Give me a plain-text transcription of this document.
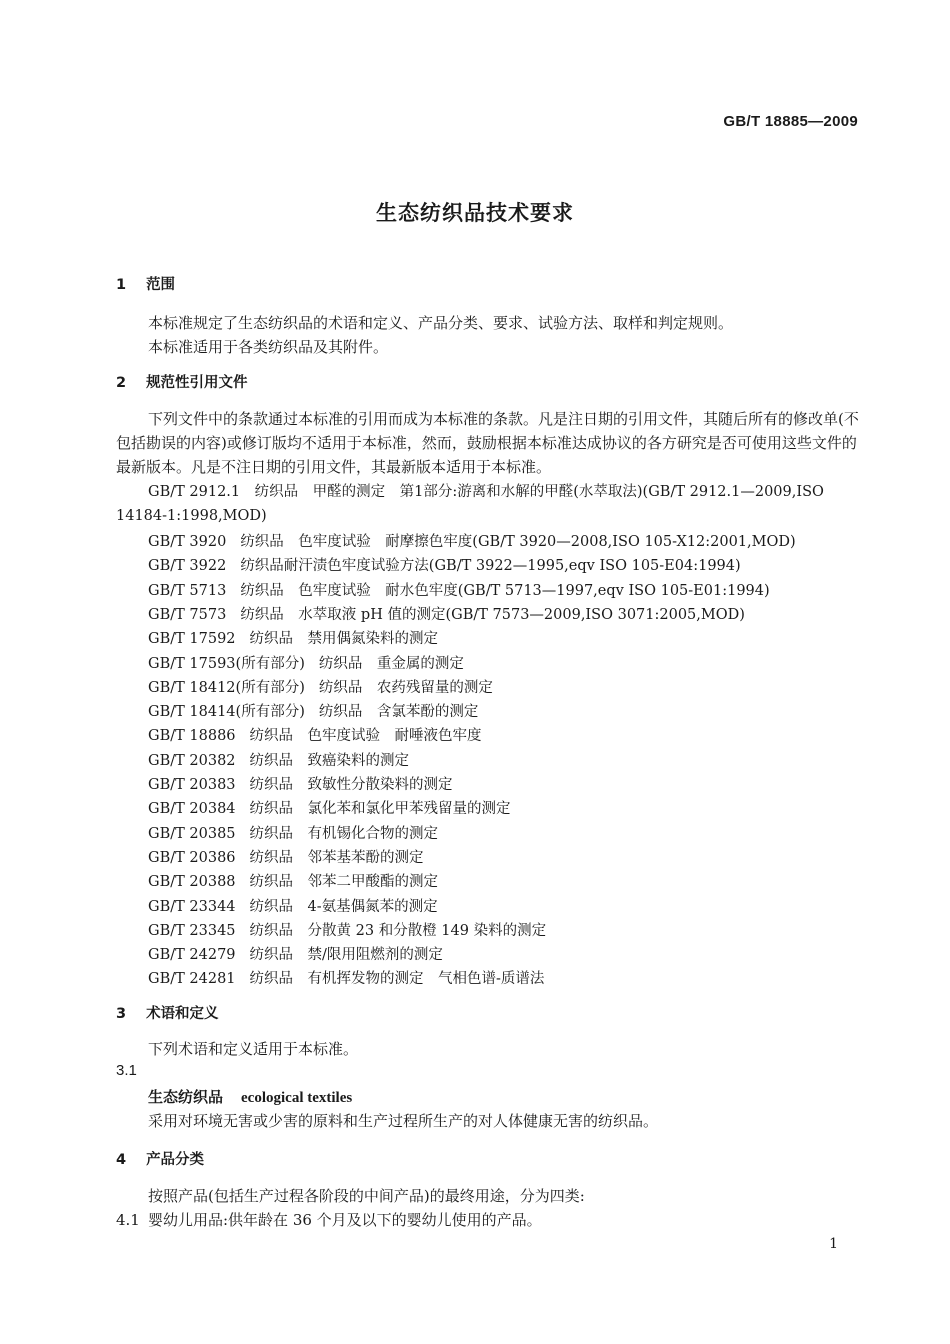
GB/T 18885—2009
生态纺织品技术要求
1 范围
本标准规定了生态纺织品的术语和定义、产品分类、要求、试验方法、取样和判定规则。
本标准适用于各类纺织品及其附件。
2 规范性引用文件
下列文件中的条款通过本标准的引用而成为本标准的条款。凡是注日期的引用文件，其随后所有的修改单(不包括勘误的内容)或修订版均不适用于本标准，然而，鼓励根据本标准达成协议的各方研究是否可使用这些文件的最新版本。凡是不注日期的引用文件，其最新版本适用于本标准。
GB/T 2912.1　纺织品　甲醛的测定　第1部分:游离和水解的甲醛(水萃取法)(GB/T 2912.1—2009,ISO 14184-1:1998,MOD)
GB/T 3920 纺织品　色牢度试验　耐摩擦色牢度(GB/T 3920—2008,ISO 105-X12:2001,MOD)
GB/T 3922 纺织品耐汗渍色牢度试验方法(GB/T 3922—1995,eqv ISO 105-E04:1994)
GB/T 5713 纺织品　色牢度试验　耐水色牢度(GB/T 5713—1997,eqv ISO 105-E01:1994)
GB/T 7573 纺织品　水萃取液 pH 值的测定(GB/T 7573—2009,ISO 3071:2005,MOD)
GB/T 17592 纺织品　禁用偶氮染料的测定
GB/T 17593(所有部分) 纺织品　重金属的测定
GB/T 18412(所有部分) 纺织品　农药残留量的测定
GB/T 18414(所有部分) 纺织品　含氯苯酚的测定
GB/T 18886 纺织品　色牢度试验　耐唾液色牢度
GB/T 20382 纺织品　致癌染料的测定
GB/T 20383 纺织品　致敏性分散染料的测定
GB/T 20384 纺织品　氯化苯和氯化甲苯残留量的测定
GB/T 20385 纺织品　有机锡化合物的测定
GB/T 20386 纺织品　邻苯基苯酚的测定
GB/T 20388 纺织品　邻苯二甲酸酯的测定
GB/T 23344 纺织品　4-氨基偶氮苯的测定
GB/T 23345 纺织品　分散黄 23 和分散橙 149 染料的测定
GB/T 24279 纺织品　禁/限用阻燃剂的测定
GB/T 24281 纺织品　有机挥发物的测定　气相色谱-质谱法
3 术语和定义
下列术语和定义适用于本标准。
3.1
生态纺织品 ecological textiles
采用对环境无害或少害的原料和生产过程所生产的对人体健康无害的纺织品。
4 产品分类
按照产品(包括生产过程各阶段的中间产品)的最终用途，分为四类:
4.1 婴幼儿用品:供年龄在 36 个月及以下的婴幼儿使用的产品。
1
